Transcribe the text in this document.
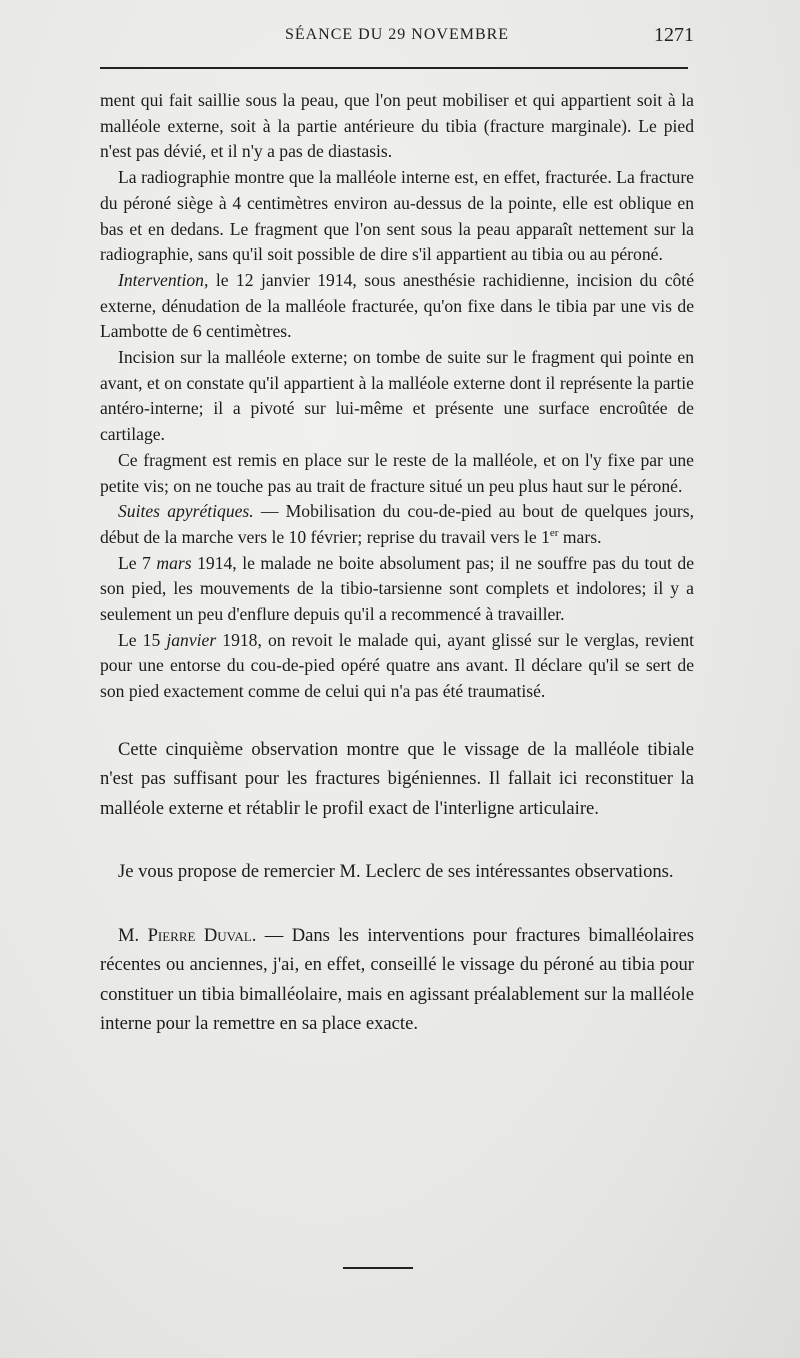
SÉANCE DU 29 NOVEMBRE	1271

ment qui fait saillie sous la peau, que l'on peut mobiliser et qui appartient soit à la malléole externe, soit à la partie antérieure du tibia (fracture marginale). Le pied n'est pas dévié, et il n'y a pas de diastasis.

La radiographie montre que la malléole interne est, en effet, fracturée. La fracture du péroné siège à 4 centimètres environ au-dessus de la pointe, elle est oblique en bas et en dedans. Le fragment que l'on sent sous la peau apparaît nettement sur la radiographie, sans qu'il soit possible de dire s'il appartient au tibia ou au péroné.

Intervention, le 12 janvier 1914, sous anesthésie rachidienne, incision du côté externe, dénudation de la malléole fracturée, qu'on fixe dans le tibia par une vis de Lambotte de 6 centimètres.

Incision sur la malléole externe; on tombe de suite sur le fragment qui pointe en avant, et on constate qu'il appartient à la malléole externe dont il représente la partie antéro-interne; il a pivoté sur lui-même et présente une surface encroûtée de cartilage.

Ce fragment est remis en place sur le reste de la malléole, et on l'y fixe par une petite vis; on ne touche pas au trait de fracture situé un peu plus haut sur le péroné.

Suites apyrétiques. — Mobilisation du cou-de-pied au bout de quelques jours, début de la marche vers le 10 février; reprise du travail vers le 1er mars.

Le 7 mars 1914, le malade ne boite absolument pas; il ne souffre pas du tout de son pied, les mouvements de la tibio-tarsienne sont complets et indolores; il y a seulement un peu d'enflure depuis qu'il a recommencé à travailler.

Le 15 janvier 1918, on revoit le malade qui, ayant glissé sur le verglas, revient pour une entorse du cou-de-pied opéré quatre ans avant. Il déclare qu'il se sert de son pied exactement comme de celui qui n'a pas été traumatisé.

Cette cinquième observation montre que le vissage de la malléole tibiale n'est pas suffisant pour les fractures bigéniennes. Il fallait ici reconstituer la malléole externe et rétablir le profil exact de l'interligne articulaire.

Je vous propose de remercier M. Leclerc de ses intéressantes observations.

M. Pierre Duval. — Dans les interventions pour fractures bimalléolaires récentes ou anciennes, j'ai, en effet, conseillé le vissage du péroné au tibia pour constituer un tibia bimalléolaire, mais en agissant préalablement sur la malléole interne pour la remettre en sa place exacte.
